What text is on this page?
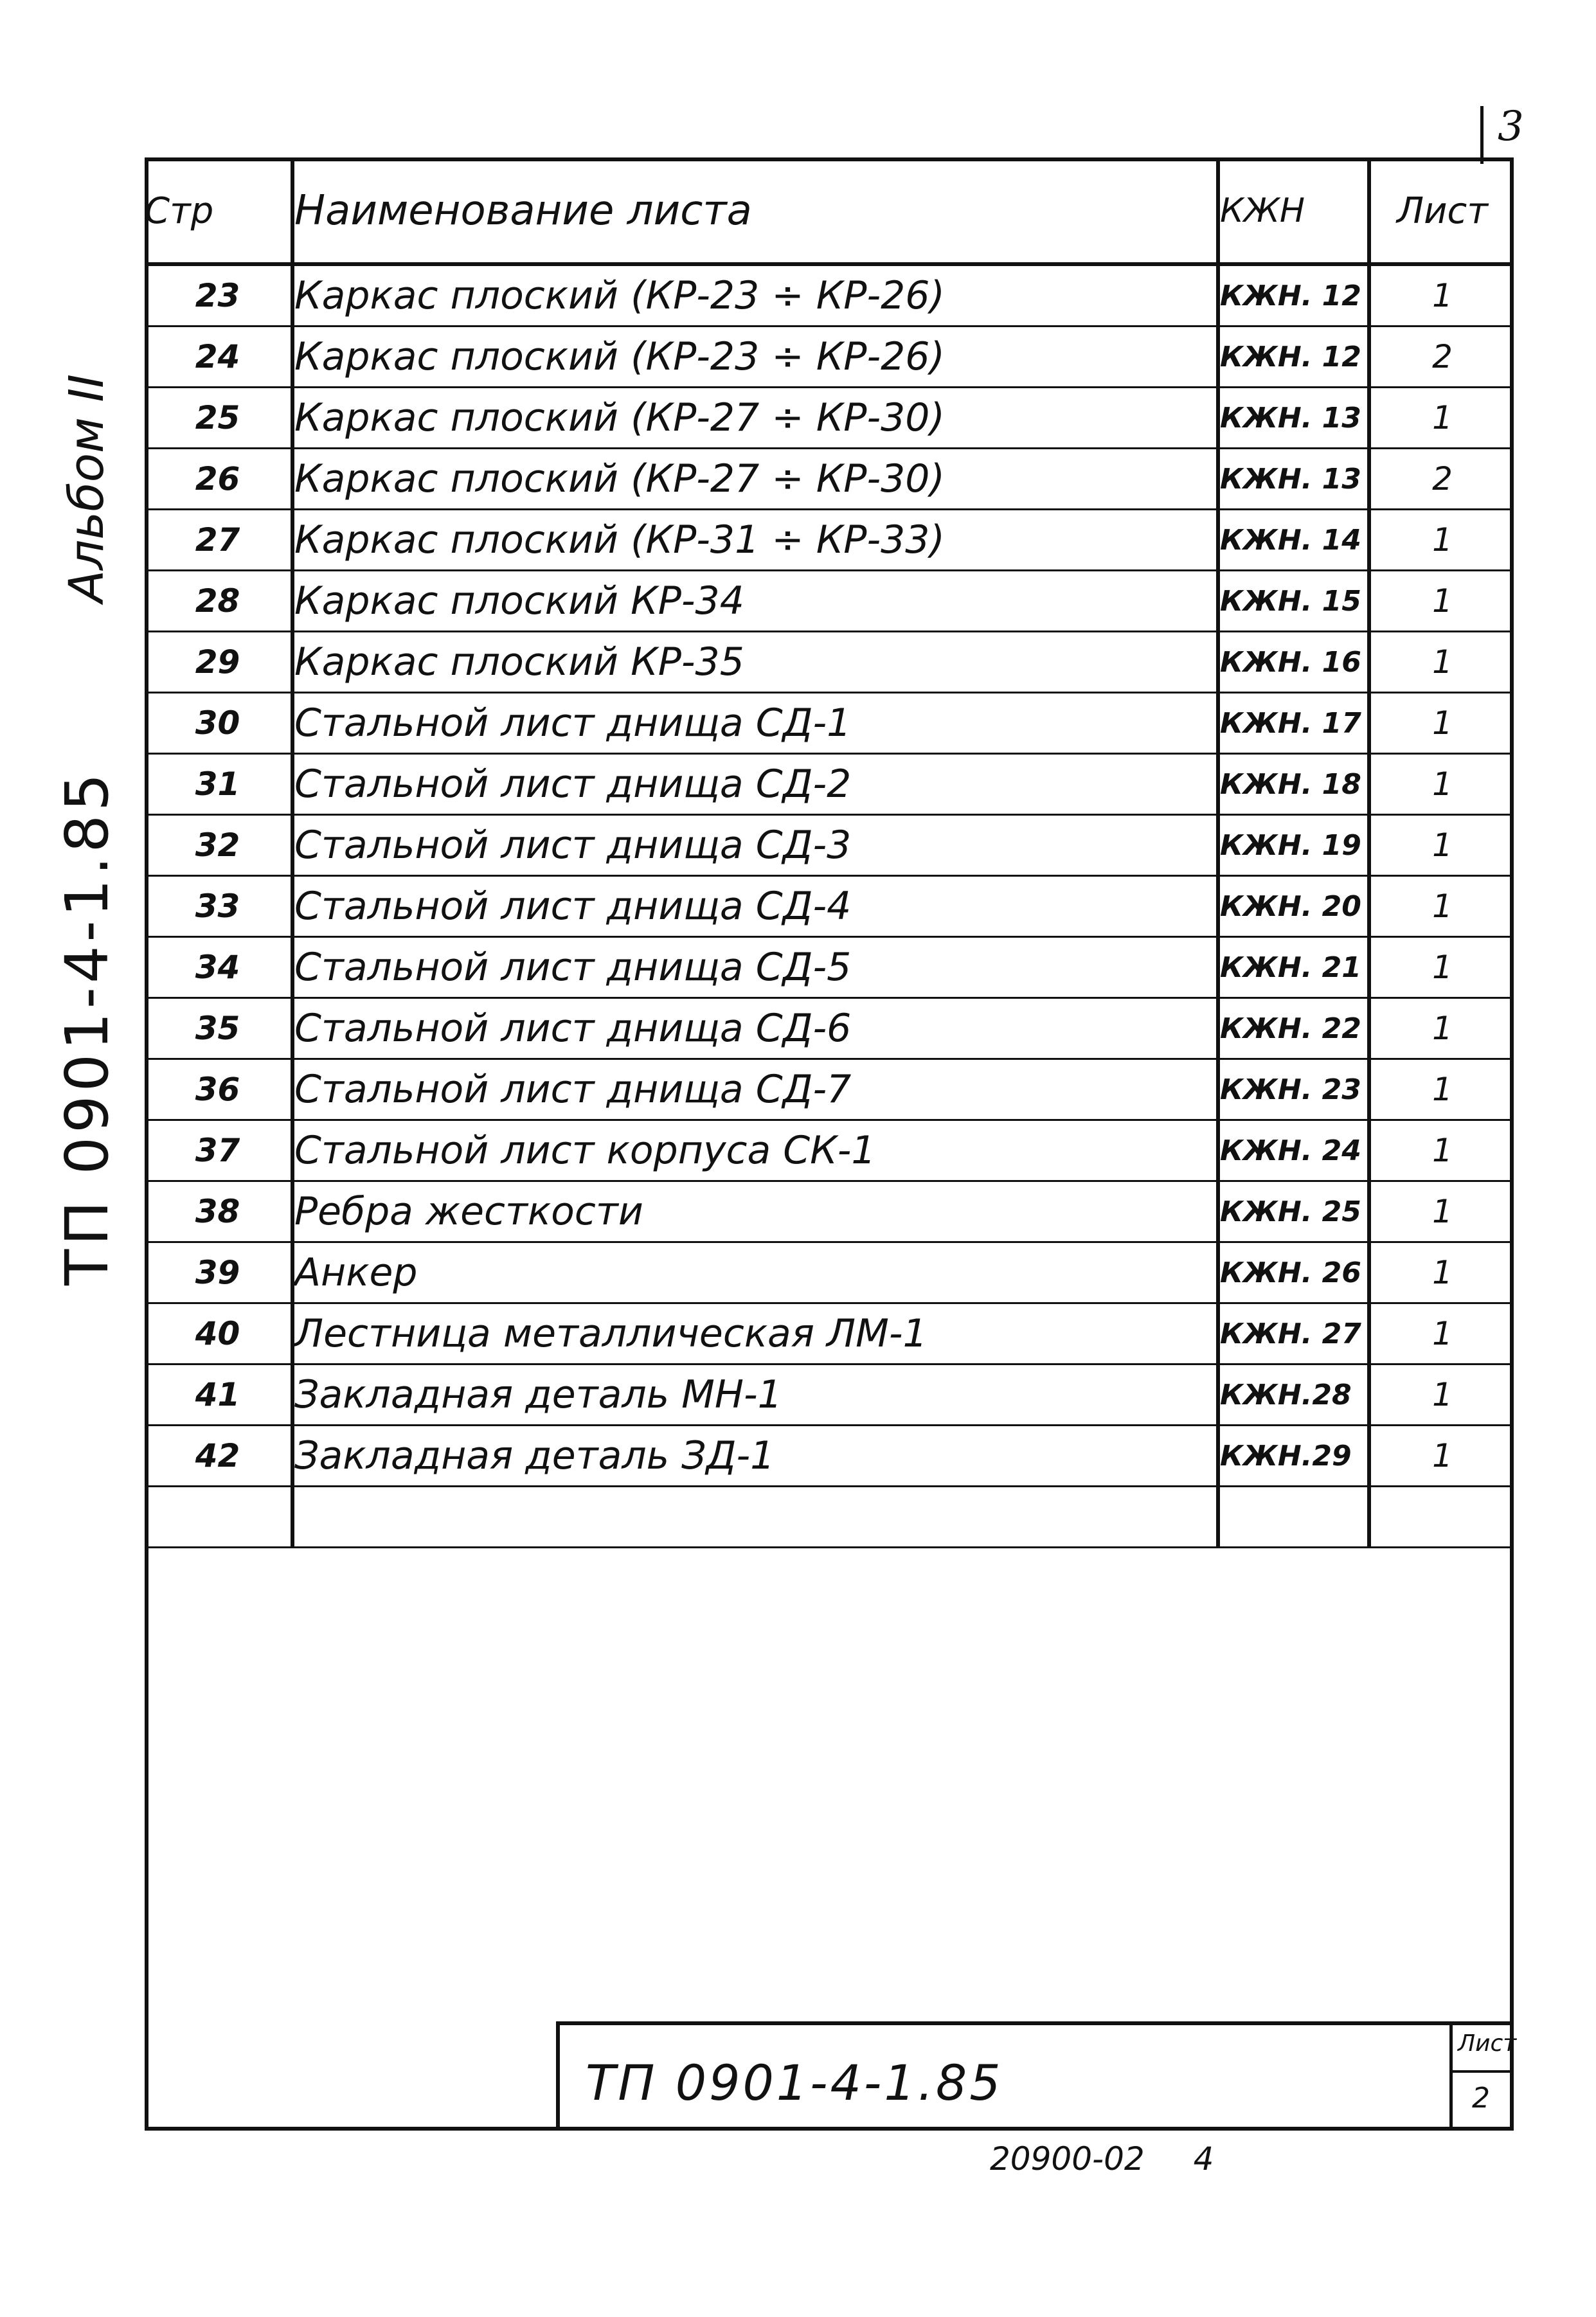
3
Стр	Наименование листа	КЖН	Лист
23	Каркас плоский (КР-23 ÷ КР-26)	КЖН. 12	1
24	Каркас плоский (КР-23 ÷ КР-26)	КЖН. 12	2
25	Каркас плоский (КР-27 ÷ КР-30)	КЖН. 13	1
26	Каркас плоский (КР-27 ÷ КР-30)	КЖН. 13	2
27	Каркас плоский (КР-31 ÷ КР-33)	КЖН. 14	1
28	Каркас плоский КР-34	КЖН. 15	1
29	Каркас плоский КР-35	КЖН. 16	1
30	Стальной лист днища СД-1	КЖН. 17	1
31	Стальной лист днища СД-2	КЖН. 18	1
32	Стальной лист днища СД-3	КЖН. 19	1
33	Стальной лист днища СД-4	КЖН. 20	1
34	Стальной лист днища СД-5	КЖН. 21	1
35	Стальной лист днища СД-6	КЖН. 22	1
36	Стальной лист днища СД-7	КЖН. 23	1
37	Стальной лист корпуса СК-1	КЖН. 24	1
38	Ребра жесткости	КЖН. 25	1
39	Анкер	КЖН. 26	1
40	Лестница металлическая ЛМ-1	КЖН. 27	1
41	Закладная деталь МН-1	КЖН.28	1
42	Закладная деталь ЗД-1	КЖН.29	1

ТП 0901-4-1.85
Альбом II
ТП 0901-4-1.85
Лист
2
20900-02 4
